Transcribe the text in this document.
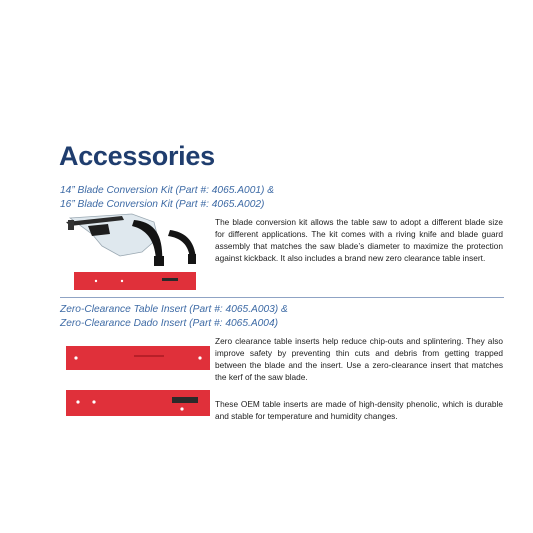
Accessories
14” Blade Conversion Kit (Part #: 4065.A001) &
16” Blade Conversion Kit (Part #: 4065.A002)
The blade conversion kit allows the table saw to adopt a different blade size for different applications. The kit comes with a riving knife and blade guard assembly that matches the saw blade’s diameter to maximize the protection against kickback. It also includes a brand new zero clearance table insert.
Zero-Clearance Table Insert (Part #: 4065.A003) &
Zero-Clearance Dado Insert (Part #: 4065.A004)
Zero clearance table inserts help reduce chip-outs and splintering. They also improve safety by preventing thin cuts and debris from getting trapped between the blade and the insert. Use a zero-clearance insert that matches the kerf of the saw blade.
These OEM table inserts are made of high-density phenolic, which is durable and stable for temperature and humidity changes.
